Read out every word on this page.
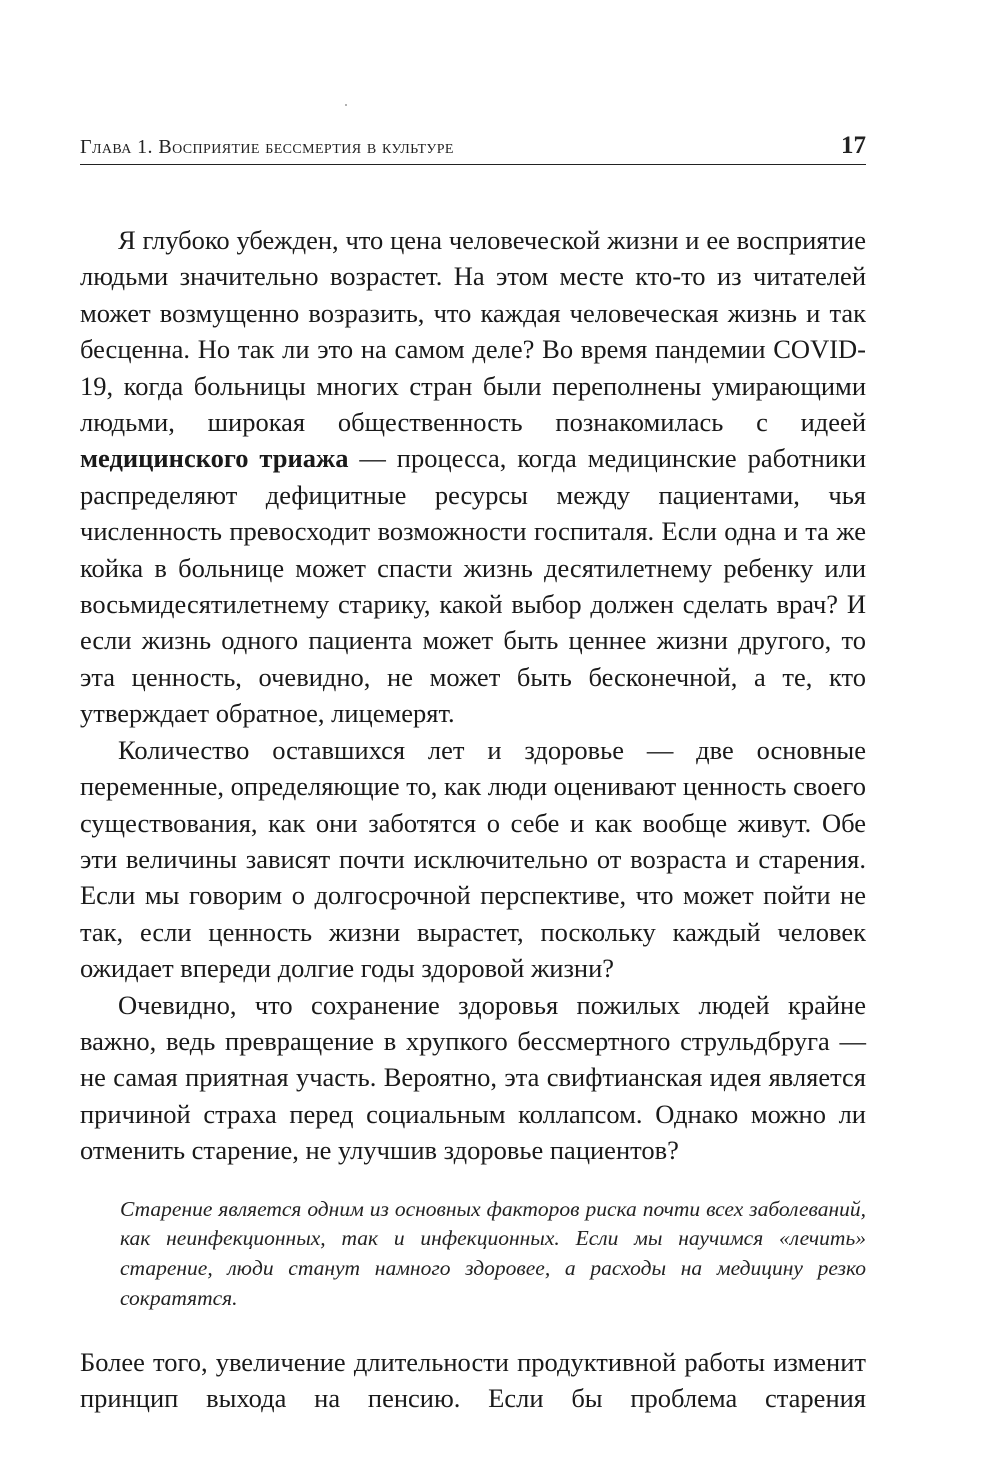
Глава 1. Восприятие бессмертия в культуре	17

Я глубоко убежден, что цена человеческой жизни и ее восприятие людьми значительно возрастет. На этом месте кто-то из читателей может возмущенно возразить, что каждая человеческая жизнь и так бесценна. Но так ли это на самом деле? Во время пандемии COVID-19, когда больницы многих стран были переполнены умирающими людьми, широкая общественность познакомилась с идеей медицинского триажа — процесса, когда медицинские работники распределяют дефицитные ресурсы между пациентами, чья численность превосходит возможности госпиталя. Если одна и та же койка в больнице может спасти жизнь десятилетнему ребенку или восьмидесятилетнему старику, какой выбор должен сделать врач? И если жизнь одного пациента может быть ценнее жизни другого, то эта ценность, очевидно, не может быть бесконечной, а те, кто утверждает обратное, лицемерят.

Количество оставшихся лет и здоровье — две основные переменные, определяющие то, как люди оценивают ценность своего существования, как они заботятся о себе и как вообще живут. Обе эти величины зависят почти исключительно от возраста и старения. Если мы говорим о долгосрочной перспективе, что может пойти не так, если ценность жизни вырастет, поскольку каждый человек ожидает впереди долгие годы здоровой жизни?

Очевидно, что сохранение здоровья пожилых людей крайне важно, ведь превращение в хрупкого бессмертного струльдбруга — не самая приятная участь. Вероятно, эта свифтианская идея является причиной страха перед социальным коллапсом. Однако можно ли отменить старение, не улучшив здоровье пациентов?

Старение является одним из основных факторов риска почти всех заболеваний, как неинфекционных, так и инфекционных. Если мы научимся «лечить» старение, люди станут намного здоровее, а расходы на медицину резко сократятся.

Более того, увеличение длительности продуктивной работы изменит принцип выхода на пенсию. Если бы проблема старения
